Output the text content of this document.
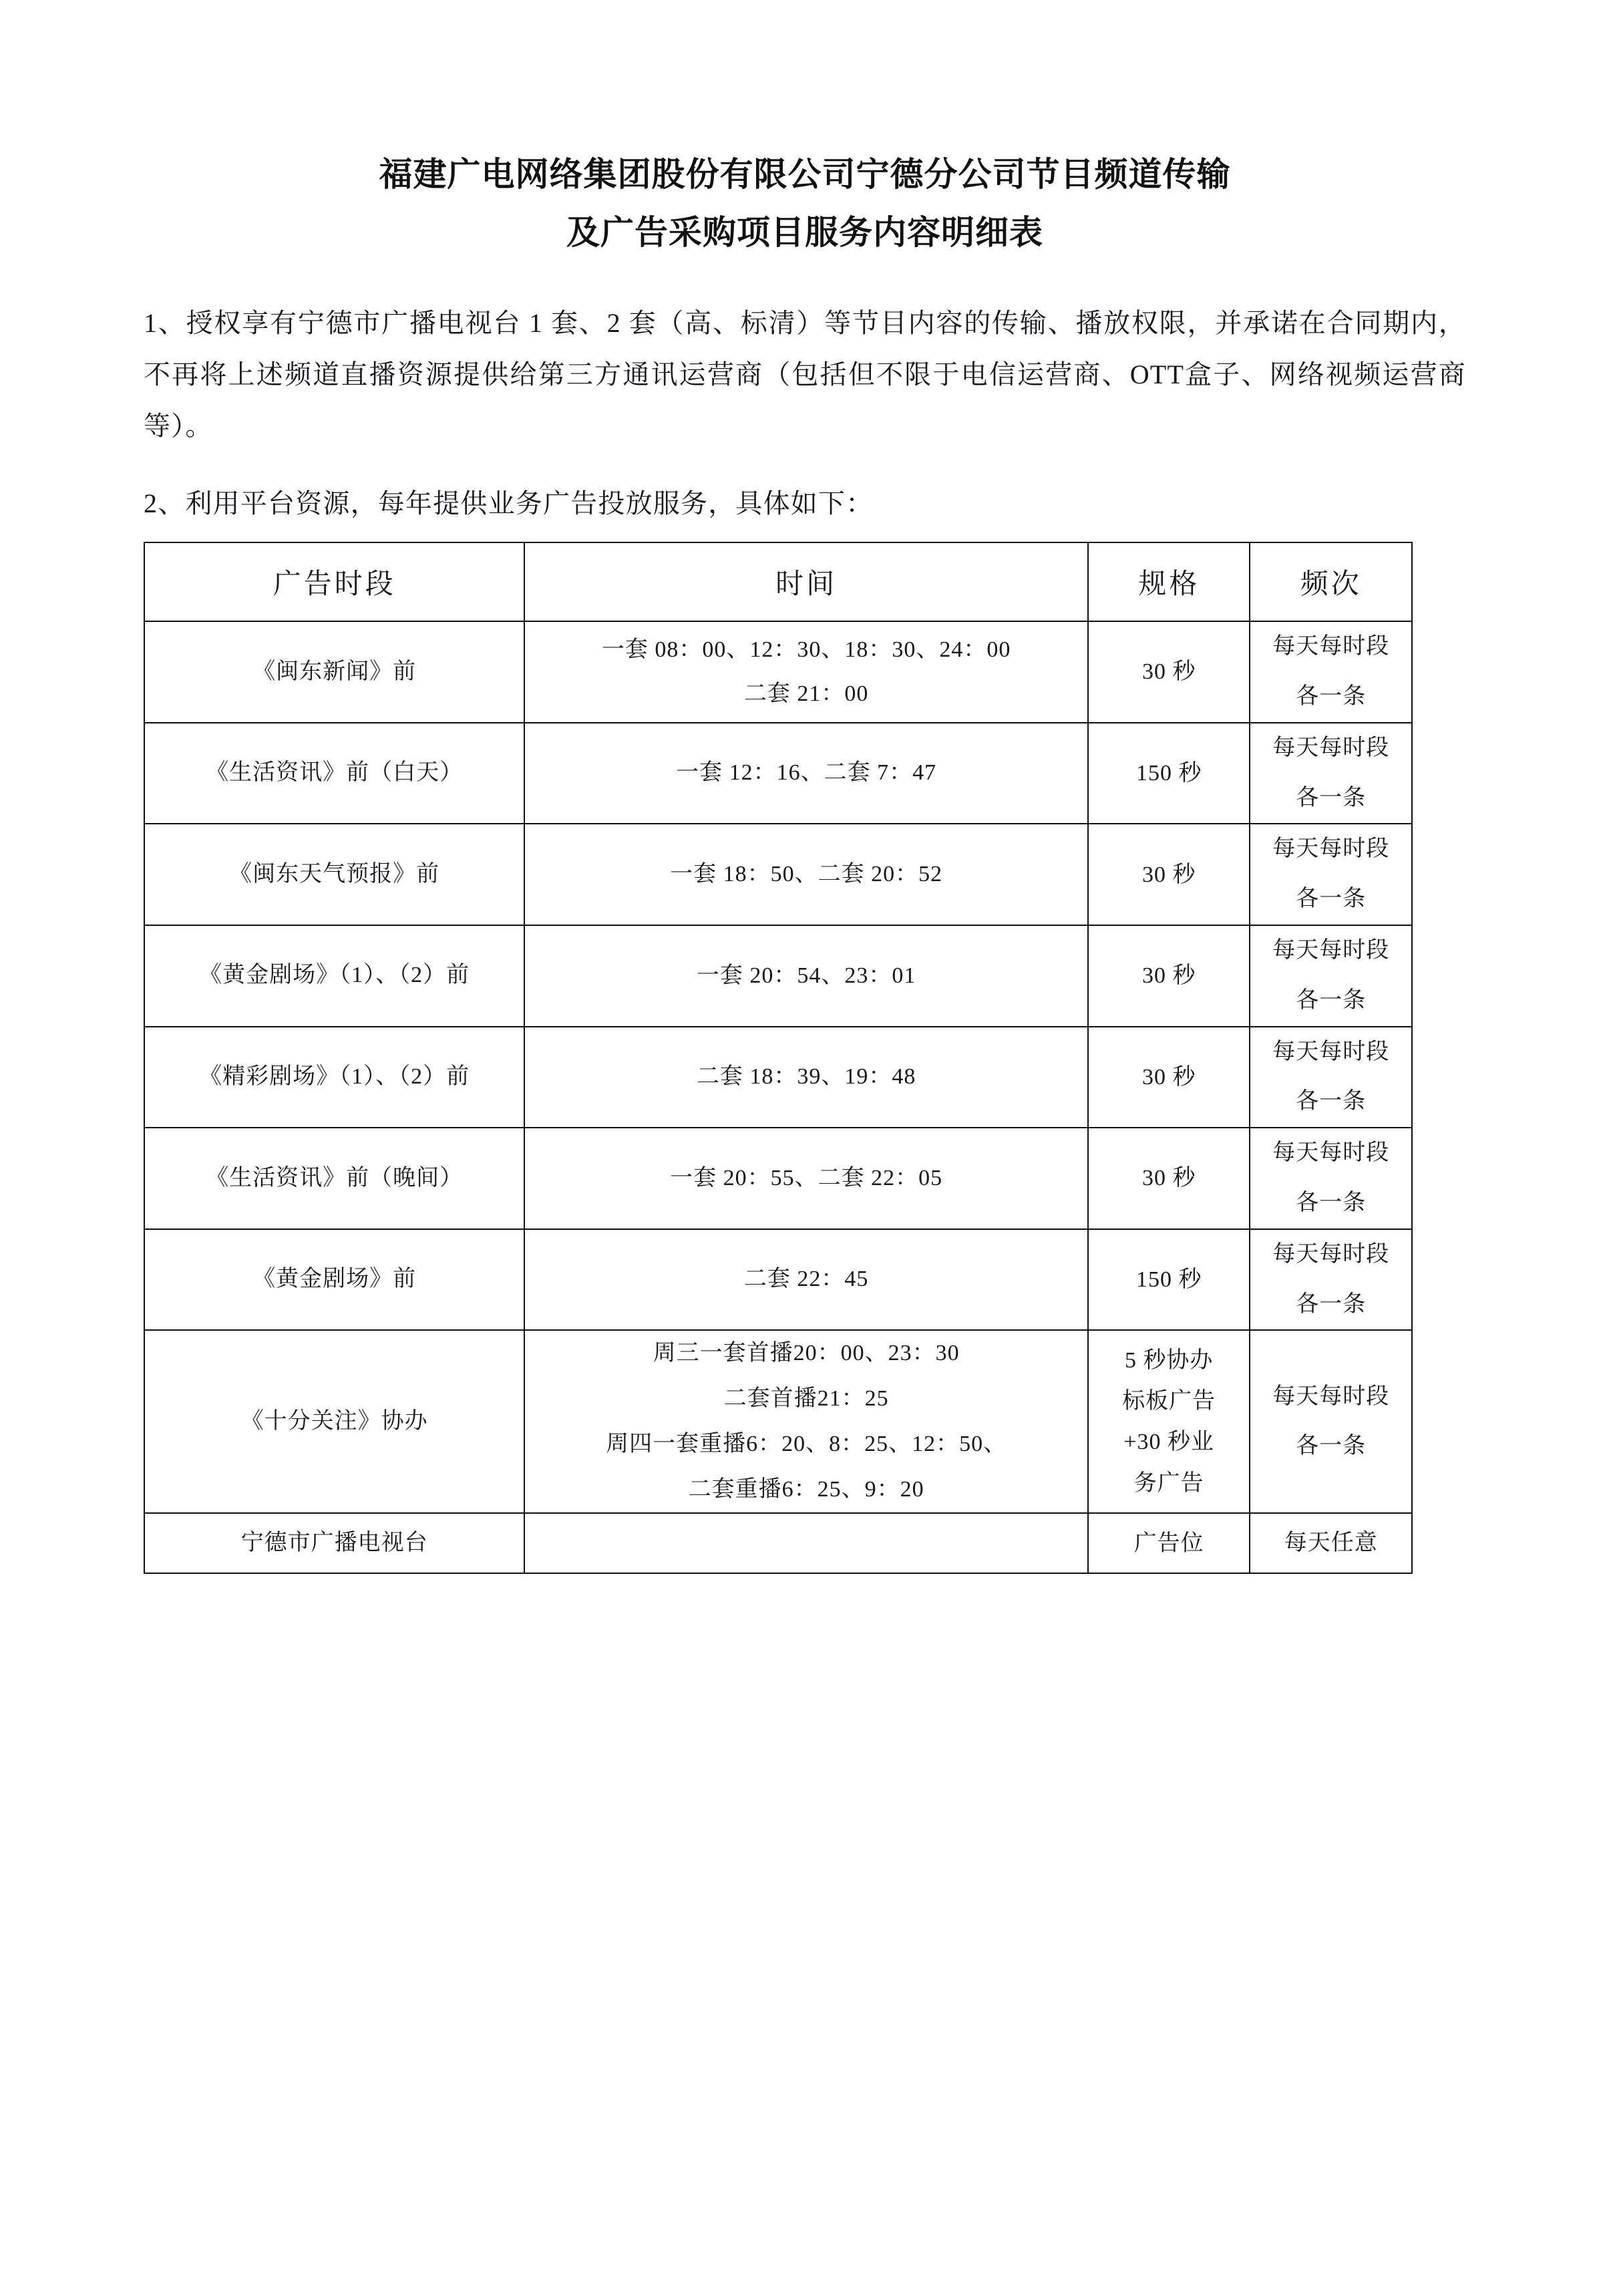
福建广电网络集团股份有限公司宁德分公司节目频道传输
及广告采购项目服务内容明细表

1、授权享有宁德市广播电视台 1 套、2 套（高、标清）等节目内容的传输、播放权限，并承诺在合同期内，不再将上述频道直播资源提供给第三方通讯运营商（包括但不限于电信运营商、OTT盒子、网络视频运营商等）。

2、利用平台资源，每年提供业务广告投放服务，具体如下：

广告时段	时间	规格	频次
《闽东新闻》前	一套 08：00、12：30、18：30、24：00
二套 21：00	30 秒	每天每时段
各一条

《生活资讯》前（白天）	一套 12：16、二套 7：47	150 秒	每天每时段
各一条

《闽东天气预报》前	一套 18：50、二套 20：52	30 秒	每天每时段
各一条

《黄金剧场》（1）、（2）前	一套 20：54、23：01	30 秒	每天每时段
各一条

《精彩剧场》（1）、（2）前	二套 18：39、19：48	30 秒	每天每时段
各一条

《生活资讯》前（晚间）	一套 20：55、二套 22：05	30 秒	每天每时段
各一条

《黄金剧场》前	二套 22：45	150 秒	每天每时段
各一条

《十分关注》协办	周三一套首播20：00、23：30
二套首播21：25
周四一套重播6：20、8：25、12：50、
二套重播6：25、9：20	5 秒协办
标板广告
+30 秒业
务广告	每天每时段
各一条

宁德市广播电视台		广告位	每天任意
